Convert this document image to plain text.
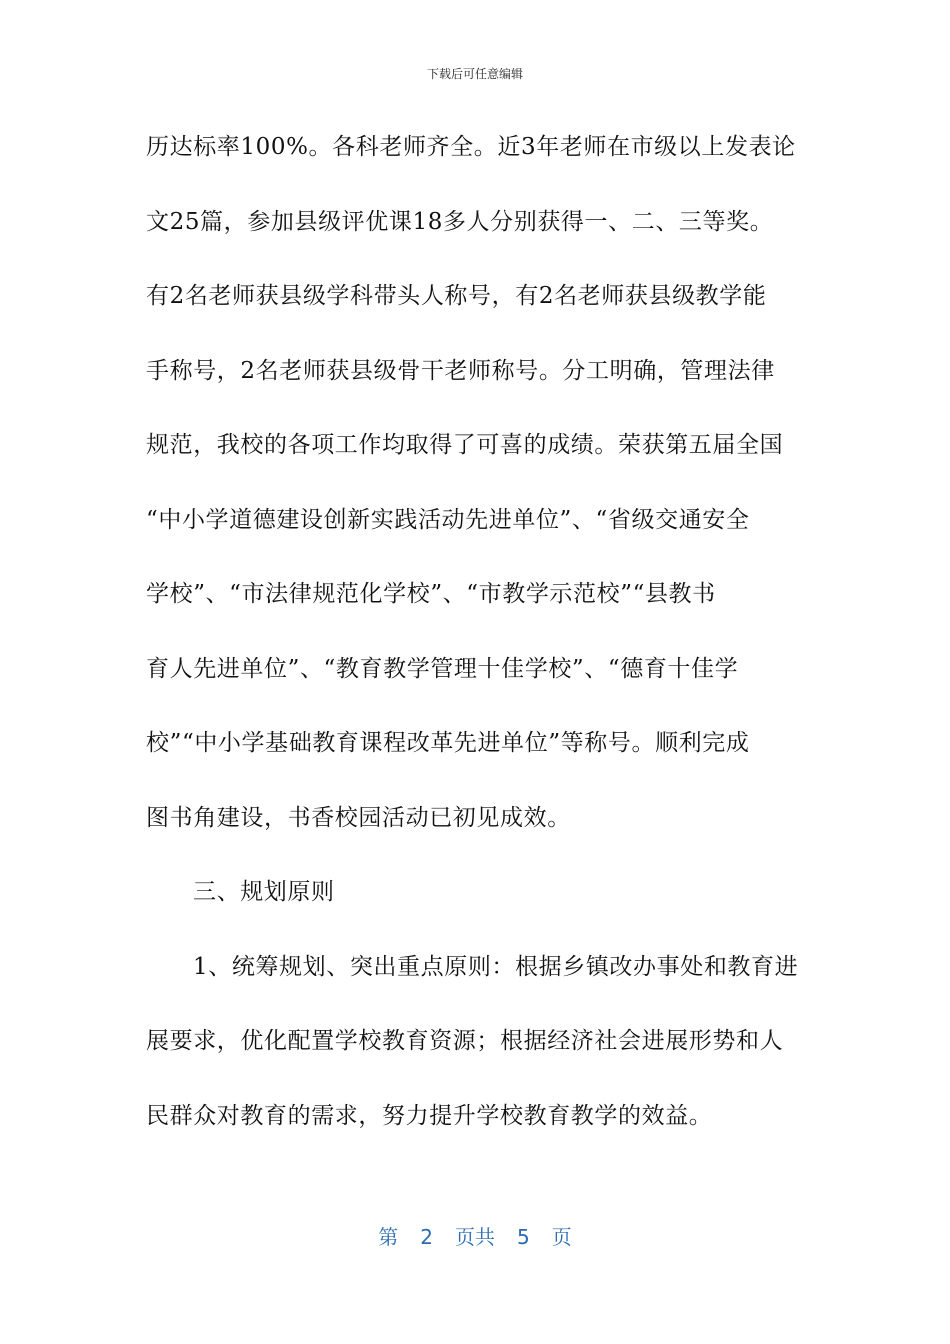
下载后可任意编辑
历达标率100%。各科老师齐全。近3年老师在市级以上发表论
文25篇，参加县级评优课18多人分别获得一、二、三等奖。
有2名老师获县级学科带头人称号，有2名老师获县级教学能
手称号，2名老师获县级骨干老师称号。分工明确，管理法律
规范，我校的各项工作均取得了可喜的成绩。荣获第五届全国
“中小学道德建设创新实践活动先进单位”、“省级交通安全
学校”、“市法律规范化学校”、“市教学示范校”“县教书
育人先进单位”、“教育教学管理十佳学校”、“德育十佳学
校”“中小学基础教育课程改革先进单位”等称号。顺利完成
图书角建设，书香校园活动已初见成效。
三、规划原则
1、统筹规划、突出重点原则：根据乡镇改办事处和教育进
展要求，优化配置学校教育资源；根据经济社会进展形势和人
民群众对教育的需求，努力提升学校教育教学的效益。
第 2 页共 5 页
